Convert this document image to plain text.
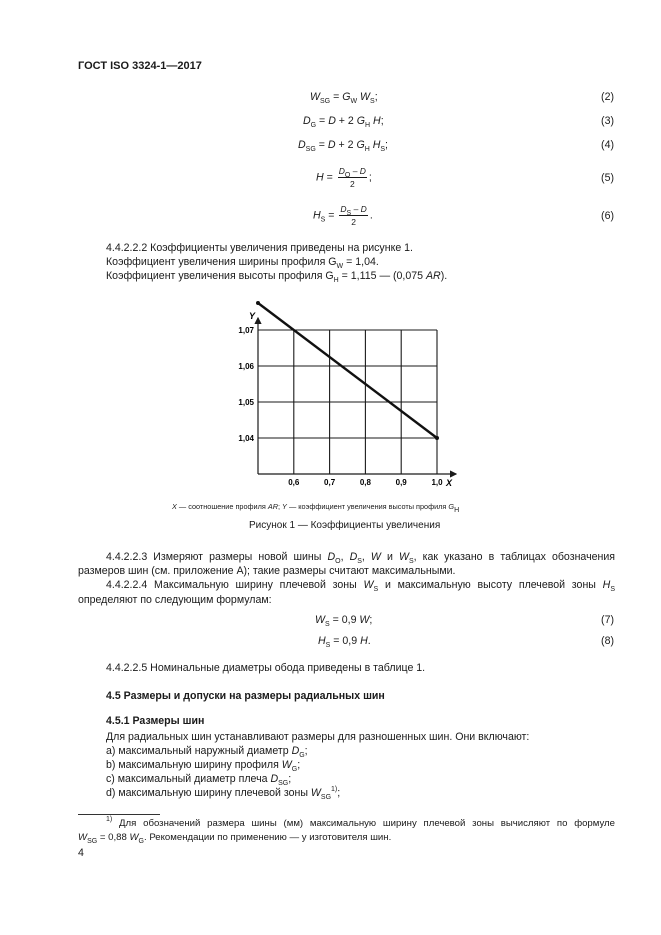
ГОСТ ISO 3324-1—2017
$W_{SG} = G_W$ $W_S$;	(2)
$D_G = D + 2$ $G_H$ H;	(3)
$D_{SG} = D + 2$ $G_H$ $H_S$;	(4)
$H = \frac{D_O - D}{2}$ ;	(5)
$H_S = \frac{D_S - D}{2}$ .	(6)
4.4.2.2.2 Коэффициенты увеличения приведены на рисунке 1.
Коэффициент увеличения ширины профиля $G_W = 1,04$.
Коэффициент увеличения высоты профиля $G_H = 1,115$ — (0,075 AR).
Y
X
1,07
1,06
1,05
1,04
0,6	0,7	0,8	0,9	1,0
X — соотношение профиля AR; Y — коэффициент увеличения высоты профиля $G_H$
Рисунок 1 — Коэффициенты увеличения
4.4.2.2.3 Измеряют размеры новой шины $D_O$, $D_S$, W и $W_S$, как указано в таблицах обозначения
размеров шин (см. приложение А); такие размеры считают максимальными.
4.4.2.2.4 Максимальную ширину плечевой зоны $W_S$ и максимальную высоту плечевой зоны $H_S$
определяют по следующим формулам:
$W_S = 0,9$ W;	(7)
$H_S = 0,9$ H.	(8)
4.4.2.2.5 Номинальные диаметры обода приведены в таблице 1.
4.5 Размеры и допуски на размеры радиальных шин
4.5.1 Размеры шин
Для радиальных шин устанавливают размеры для разношенных шин. Они включают:
a) максимальный наружный диаметр $D_G$;
b) максимальную ширину профиля $W_G$;
c) максимальный диаметр плеча $D_{SG}$;
d) максимальную ширину плечевой зоны $W_{SG}^{1)}$;
$^{1)}$ Для обозначений размера шины (мм) максимальную ширину плечевой зоны вычисляют по формуле
$W_{SG} = 0,88$ $W_G$. Рекомендации по применению — у изготовителя шин.
4
